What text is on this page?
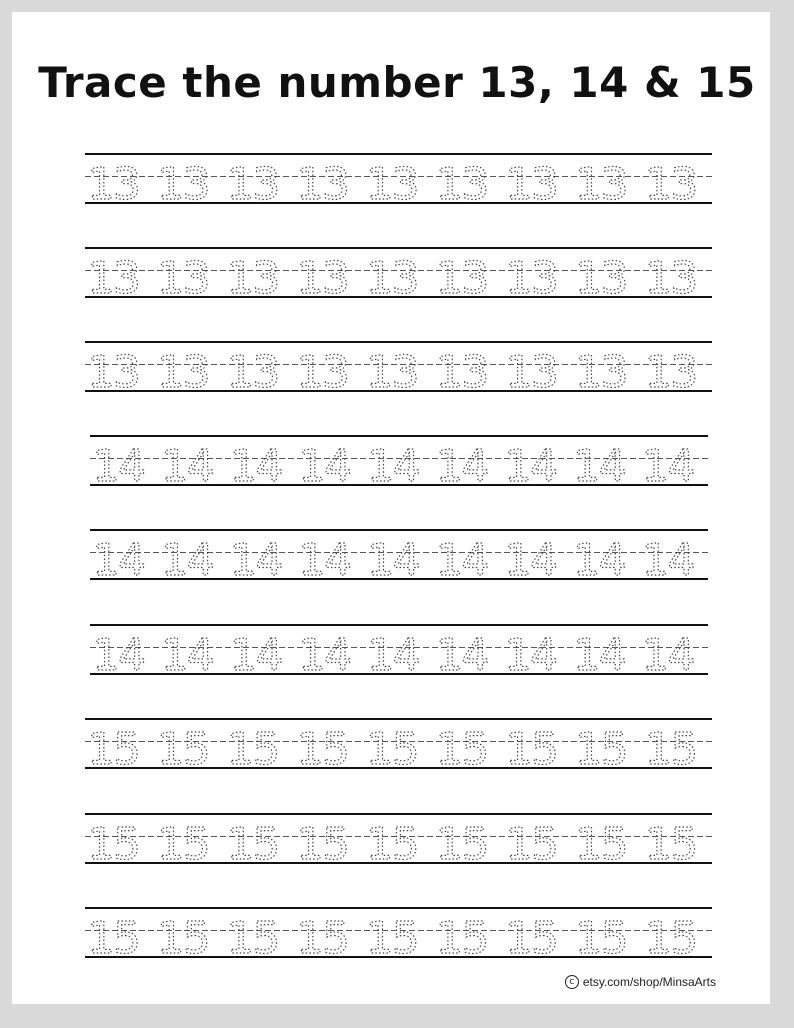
Trace the number 13, 14 & 15
13 13 13 13 13 13 13 13 13
13 13 13 13 13 13 13 13 13
13 13 13 13 13 13 13 13 13
14 14 14 14 14 14 14 14 14
14 14 14 14 14 14 14 14 14
14 14 14 14 14 14 14 14 14
15 15 15 15 15 15 15 15 15
15 15 15 15 15 15 15 15 15
15 15 15 15 15 15 15 15 15
c etsy.com/shop/MinsaArts
